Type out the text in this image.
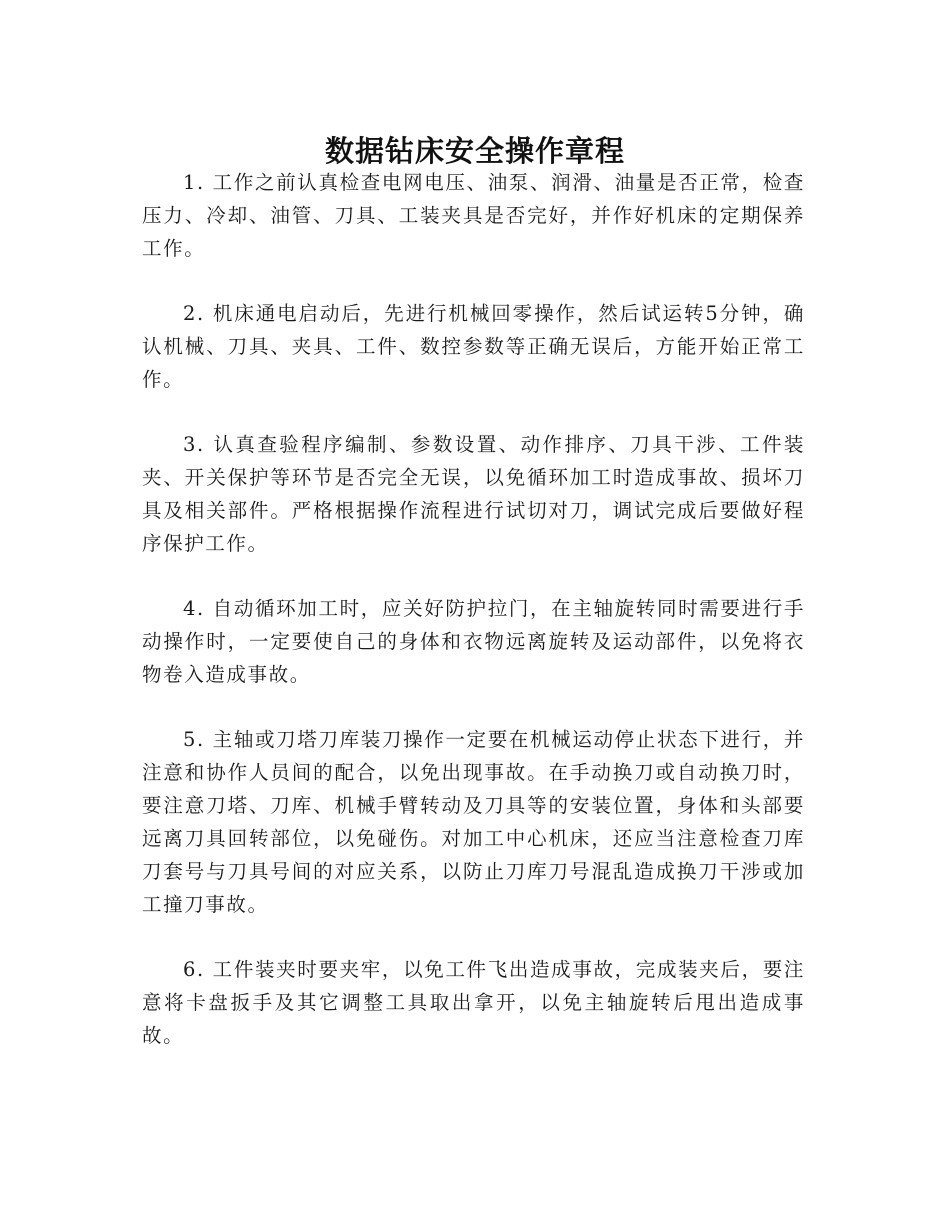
数据钻床安全操作章程

1. 工作之前认真检查电网电压、油泵、润滑、油量是否正常，检查压力、冷却、油管、刀具、工装夹具是否完好，并作好机床的定期保养工作。

2. 机床通电启动后，先进行机械回零操作，然后试运转5分钟，确认机械、刀具、夹具、工件、数控参数等正确无误后，方能开始正常工作。

3. 认真查验程序编制、参数设置、动作排序、刀具干涉、工件装夹、开关保护等环节是否完全无误，以免循环加工时造成事故、损坏刀具及相关部件。严格根据操作流程进行试切对刀，调试完成后要做好程序保护工作。

4. 自动循环加工时，应关好防护拉门，在主轴旋转同时需要进行手动操作时，一定要使自己的身体和衣物远离旋转及运动部件，以免将衣物卷入造成事故。

5. 主轴或刀塔刀库装刀操作一定要在机械运动停止状态下进行，并注意和协作人员间的配合，以免出现事故。在手动换刀或自动换刀时，要注意刀塔、刀库、机械手臂转动及刀具等的安装位置，身体和头部要远离刀具回转部位，以免碰伤。对加工中心机床，还应当注意检查刀库刀套号与刀具号间的对应关系，以防止刀库刀号混乱造成换刀干涉或加工撞刀事故。

6. 工件装夹时要夹牢，以免工件飞出造成事故，完成装夹后，要注意将卡盘扳手及其它调整工具取出拿开，以免主轴旋转后甩出造成事故。
